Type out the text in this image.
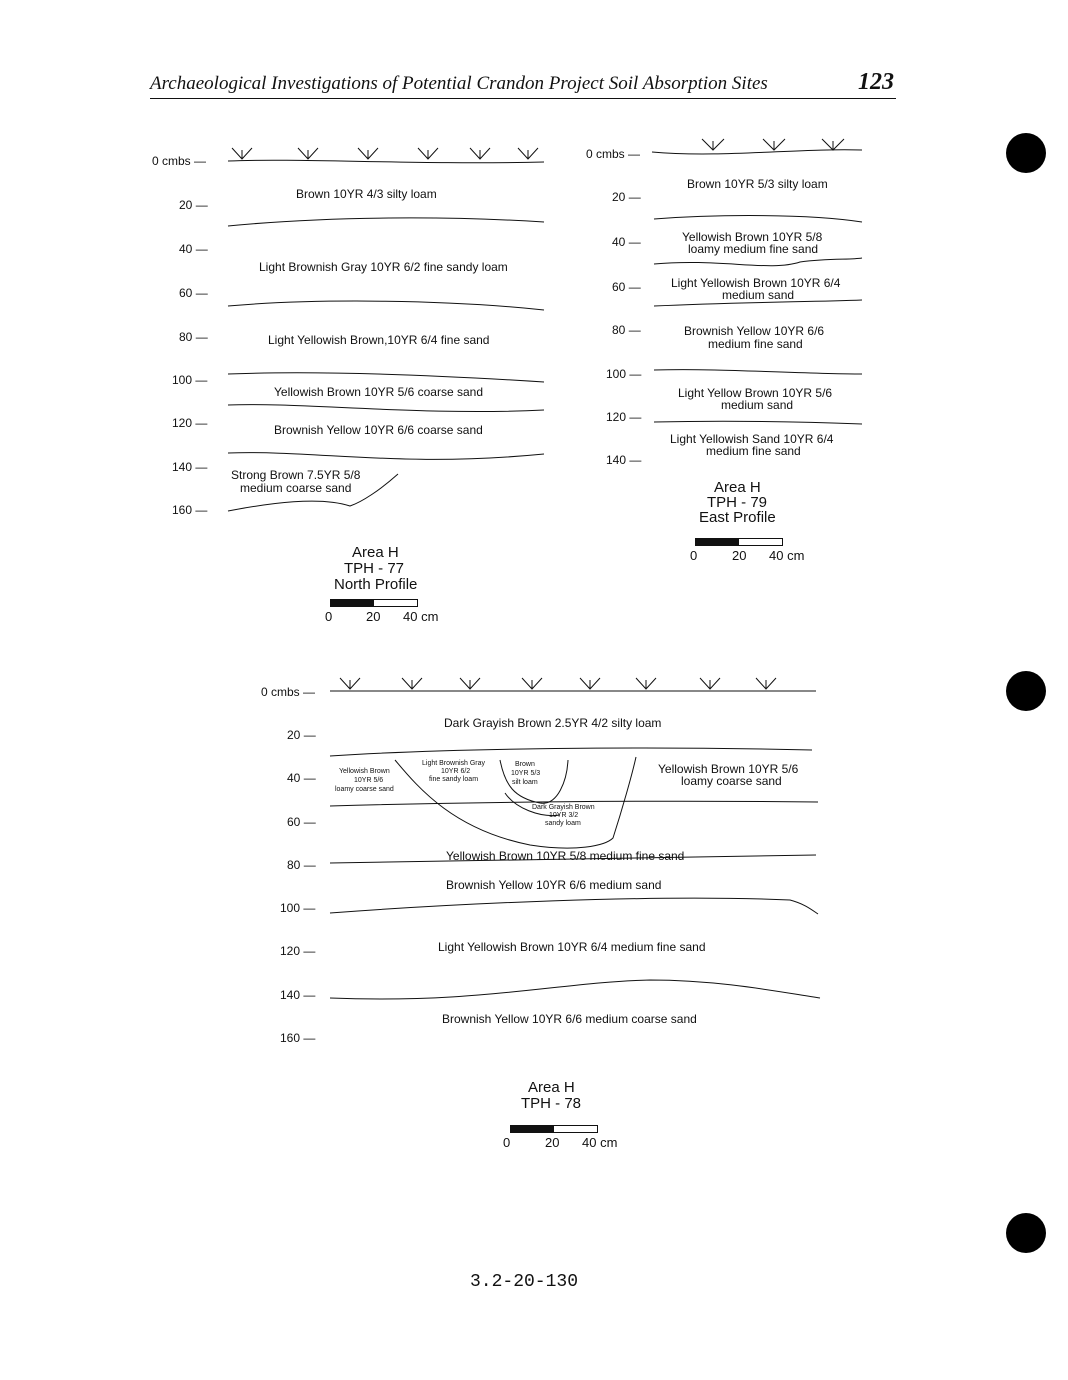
Archaeological Investigations of Potential Crandon Project Soil Absorption Sites	123
0 cmbs —
20 —
40 —
60 —
80 —
100 —
120 —
140 —
160 —
Brown 10YR 4/3 silty loam
Light Brownish Gray 10YR 6/2 fine sandy loam
Light Yellowish Brown,10YR 6/4 fine sand
Yellowish Brown 10YR 5/6 coarse sand
Brownish Yellow 10YR 6/6 coarse sand
Strong Brown 7.5YR 5/8
medium coarse sand
Area H
TPH - 77
North Profile
0	20 40 cm
0 cmbs —
20 —
40 —
60 —
80 —
100 —
120 —
140 —
Brown 10YR 5/3 silty loam
Yellowish Brown 10YR 5/8
loamy medium fine sand
Light Yellowish Brown 10YR 6/4
medium sand
Brownish Yellow 10YR 6/6
medium fine sand
Light Yellow Brown 10YR 5/6
medium sand
Light Yellowish Sand 10YR 6/4
medium fine sand
Area H
TPH - 79
East Profile
0	20 40 cm
0 cmbs —
20 —
40 —
60 —
80 —
100 —
120 —
140 —
160 —
Dark Grayish Brown 2.5YR 4/2 silty loam
Yellowish Brown
10YR 5/6
loamy coarse sand
Light Brownish Gray
10YR 6/2
fine sandy loam
Brown
10YR 5/3
silt loam
Dark Grayish Brown
10YR 3/2
sandy loam
Yellowish Brown 10YR 5/6
loamy coarse sand
Yellowish Brown 10YR 5/8 medium fine sand
Brownish Yellow 10YR 6/6 medium sand
Light Yellowish Brown 10YR 6/4 medium fine sand
Brownish Yellow 10YR 6/6 medium coarse sand
Area H
TPH - 78
0	20 40 cm
3.2-20-130
